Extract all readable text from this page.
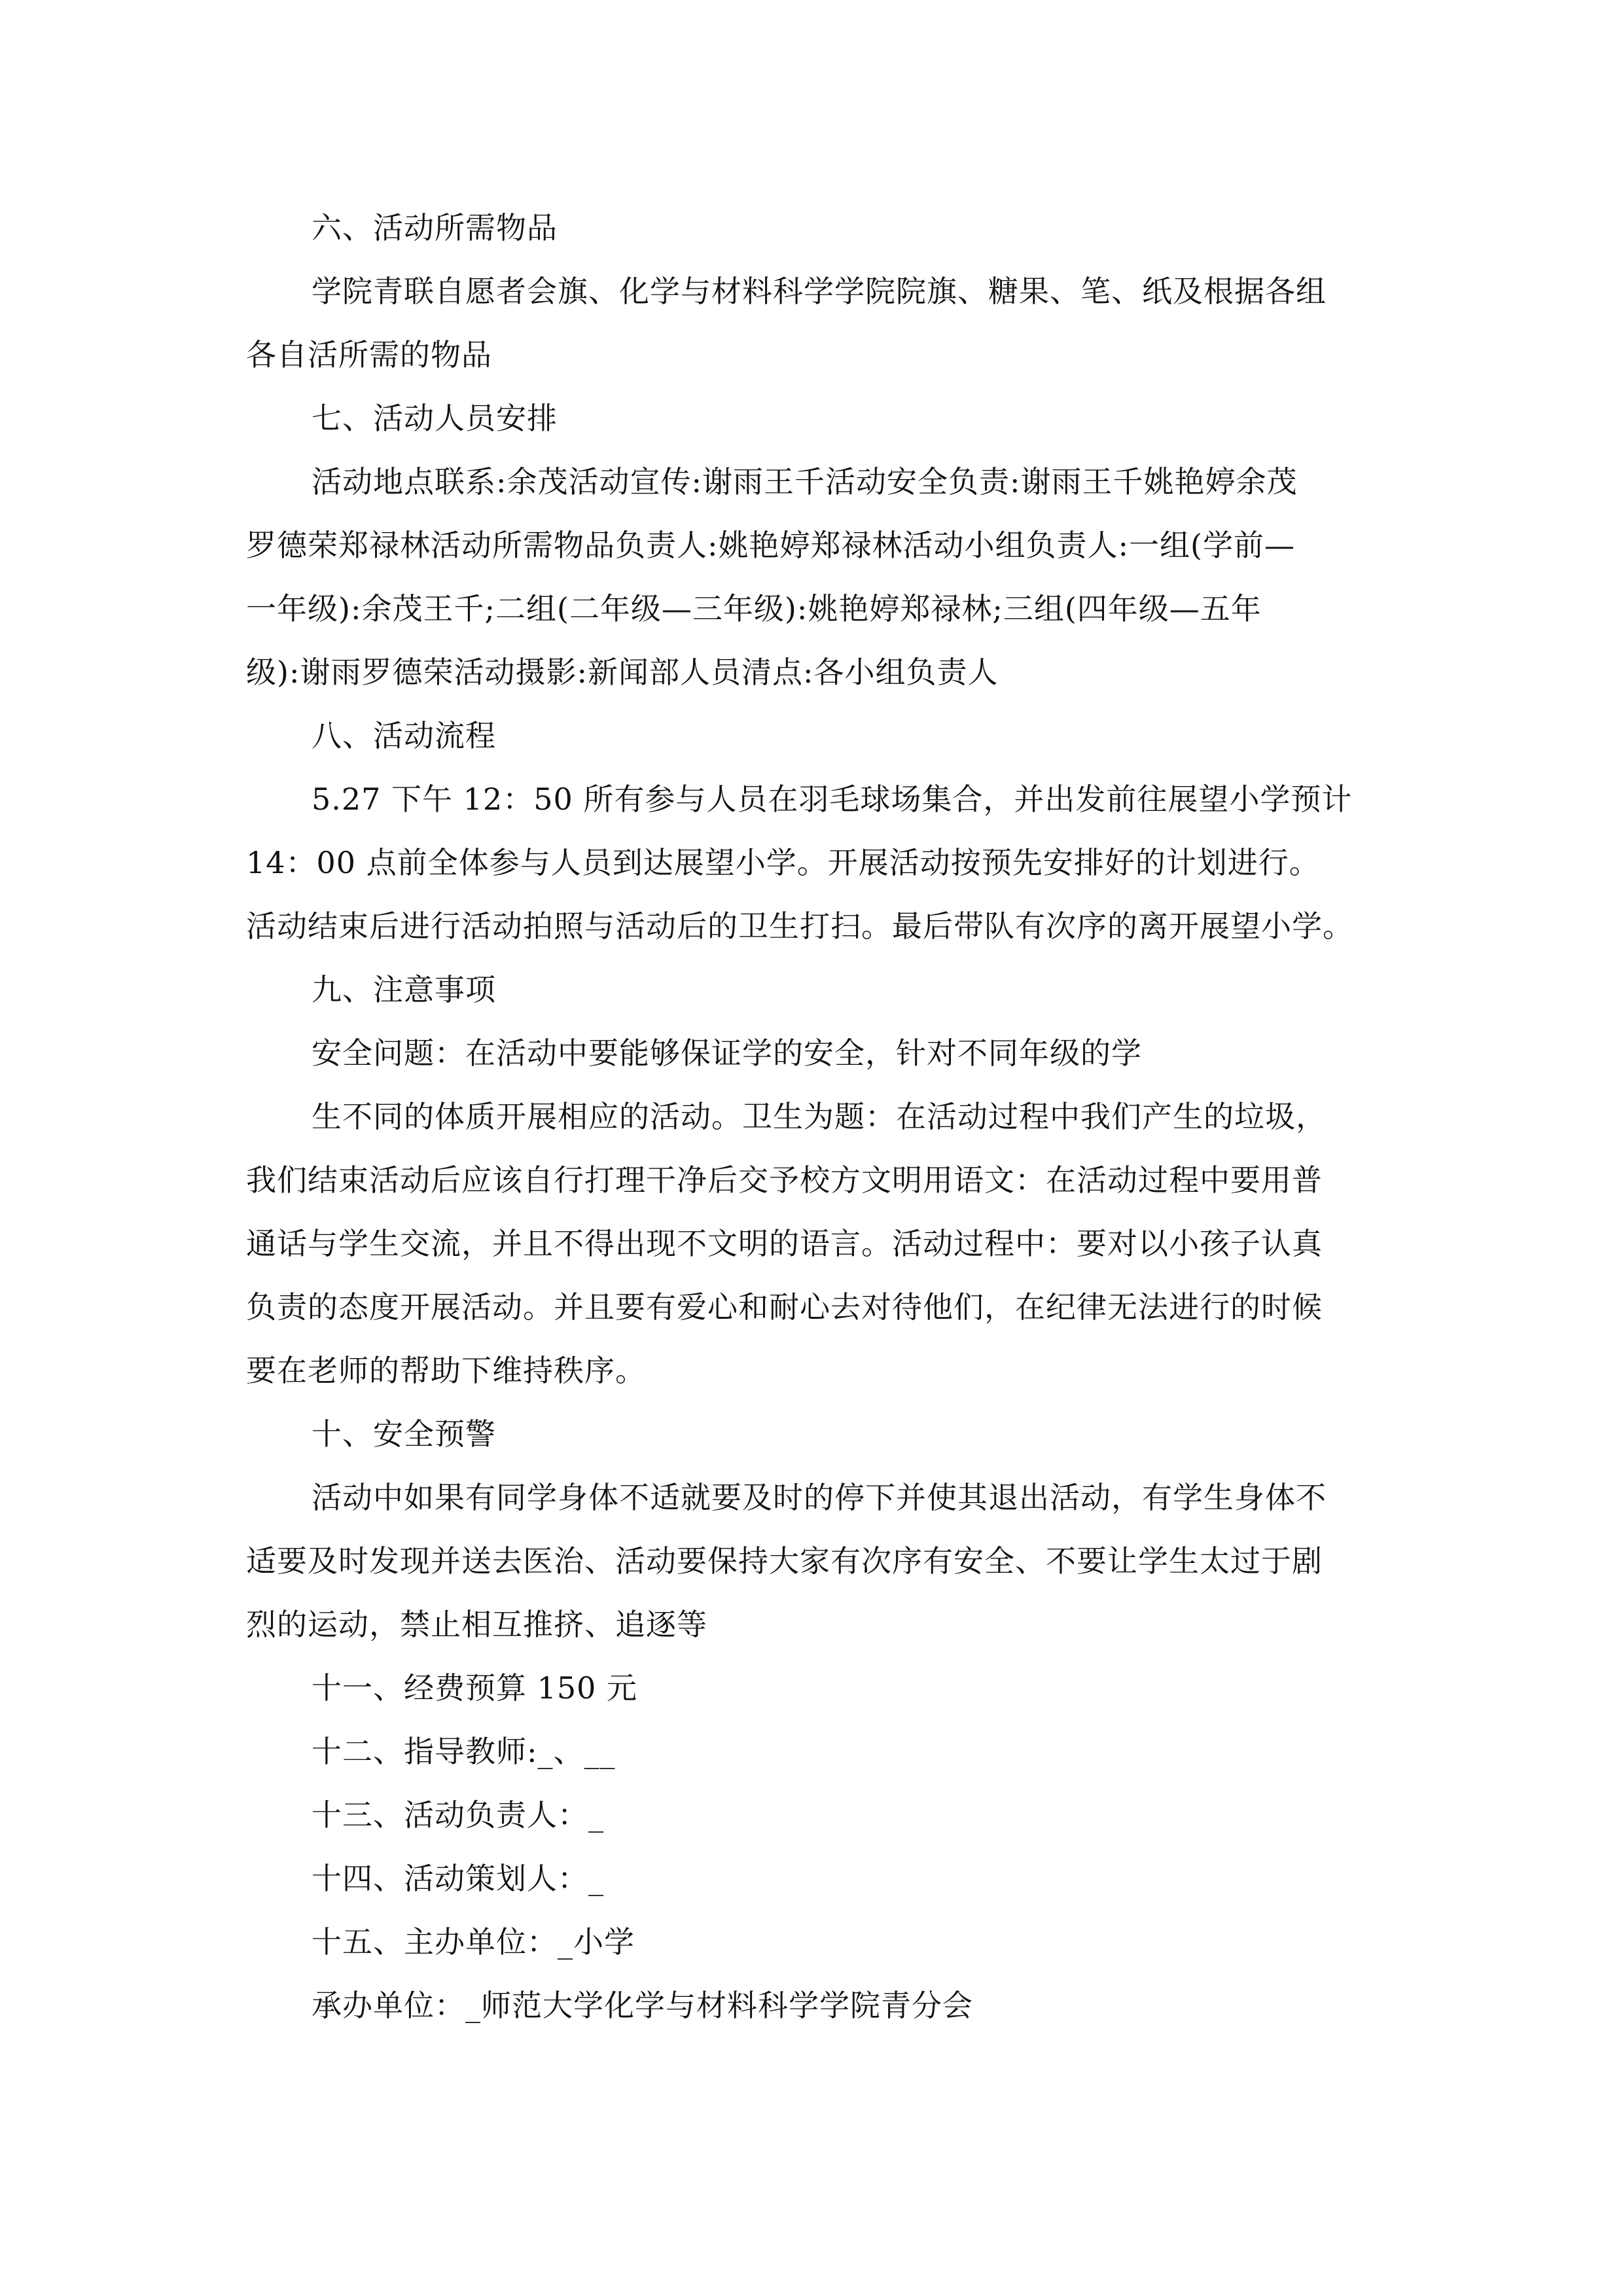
六、活动所需物品

学院青联自愿者会旗、化学与材料科学学院院旗、糖果、笔、纸及根据各组

各自活所需的物品

七、活动人员安排

活动地点联系:余茂活动宣传:谢雨王千活动安全负责:谢雨王千姚艳婷余茂

罗德荣郑禄林活动所需物品负责人:姚艳婷郑禄林活动小组负责人:一组(学前—

一年级):余茂王千;二组(二年级—三年级):姚艳婷郑禄林;三组(四年级—五年

级):谢雨罗德荣活动摄影:新闻部人员清点:各小组负责人

八、活动流程

5.27 下午 12：50 所有参与人员在羽毛球场集合，并出发前往展望小学预计

14：00 点前全体参与人员到达展望小学。开展活动按预先安排好的计划进行。

活动结束后进行活动拍照与活动后的卫生打扫。最后带队有次序的离开展望小学。

九、注意事项

安全问题：在活动中要能够保证学的安全，针对不同年级的学

生不同的体质开展相应的活动。卫生为题：在活动过程中我们产生的垃圾，

我们结束活动后应该自行打理干净后交予校方文明用语文：在活动过程中要用普

通话与学生交流，并且不得出现不文明的语言。活动过程中：要对以小孩子认真

负责的态度开展活动。并且要有爱心和耐心去对待他们，在纪律无法进行的时候

要在老师的帮助下维持秩序。

十、安全预警

活动中如果有同学身体不适就要及时的停下并使其退出活动，有学生身体不

适要及时发现并送去医治、活动要保持大家有次序有安全、不要让学生太过于剧

烈的运动，禁止相互推挤、追逐等

十一、经费预算 150 元

十二、指导教师:_、__

十三、活动负责人：_

十四、活动策划人：_

十五、主办单位：_小学

承办单位：_师范大学化学与材料科学学院青分会
